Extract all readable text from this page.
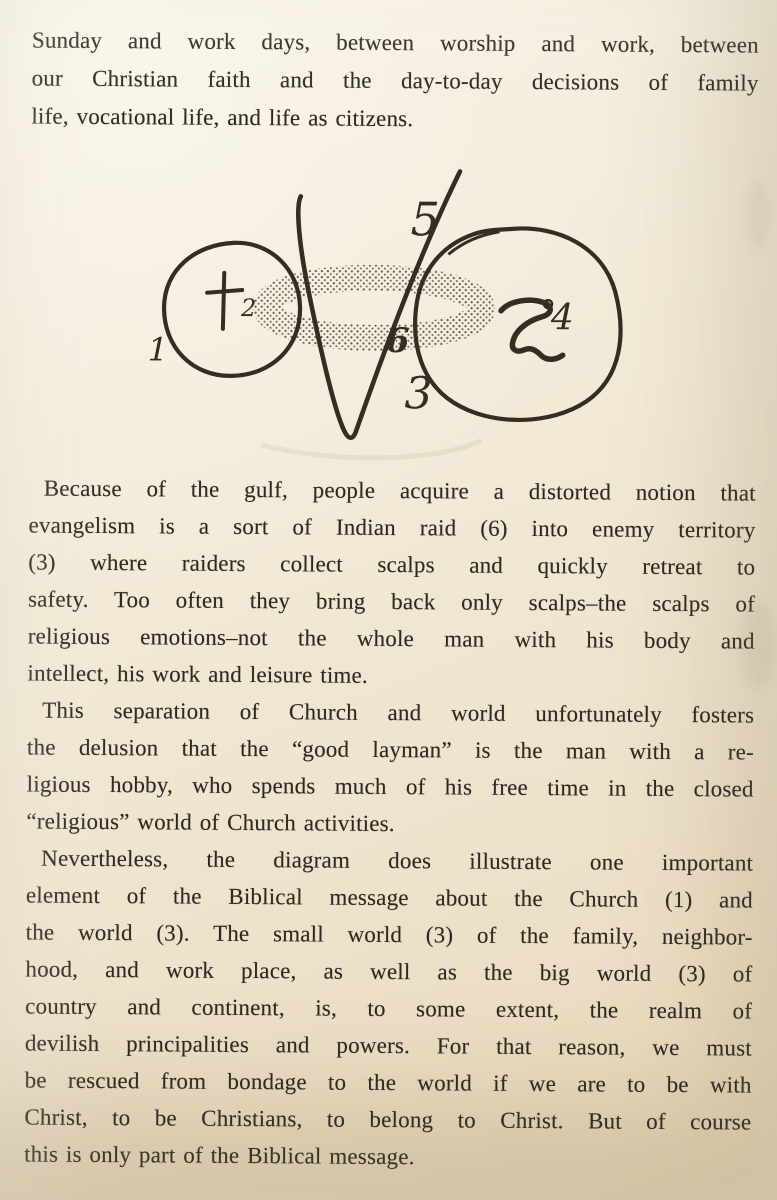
Sunday and work days, between worship and work, between
our Christian faith and the day-to-day decisions of family
life, vocational life, and life as citizens.

1
2
3
4
5
6

Because of the gulf, people acquire a distorted notion that
evangelism is a sort of Indian raid (6) into enemy territory
(3) where raiders collect scalps and quickly retreat to
safety. Too often they bring back only scalps–the scalps of
religious emotions–not the whole man with his body and
intellect, his work and leisure time.

This separation of Church and world unfortunately fosters
the delusion that the “good layman” is the man with a re-
ligious hobby, who spends much of his free time in the closed
“religious” world of Church activities.

Nevertheless, the diagram does illustrate one important
element of the Biblical message about the Church (1) and
the world (3). The small world (3) of the family, neighbor-
hood, and work place, as well as the big world (3) of
country and continent, is, to some extent, the realm of
devilish principalities and powers. For that reason, we must
be rescued from bondage to the world if we are to be with
Christ, to be Christians, to belong to Christ. But of course
this is only part of the Biblical message.
